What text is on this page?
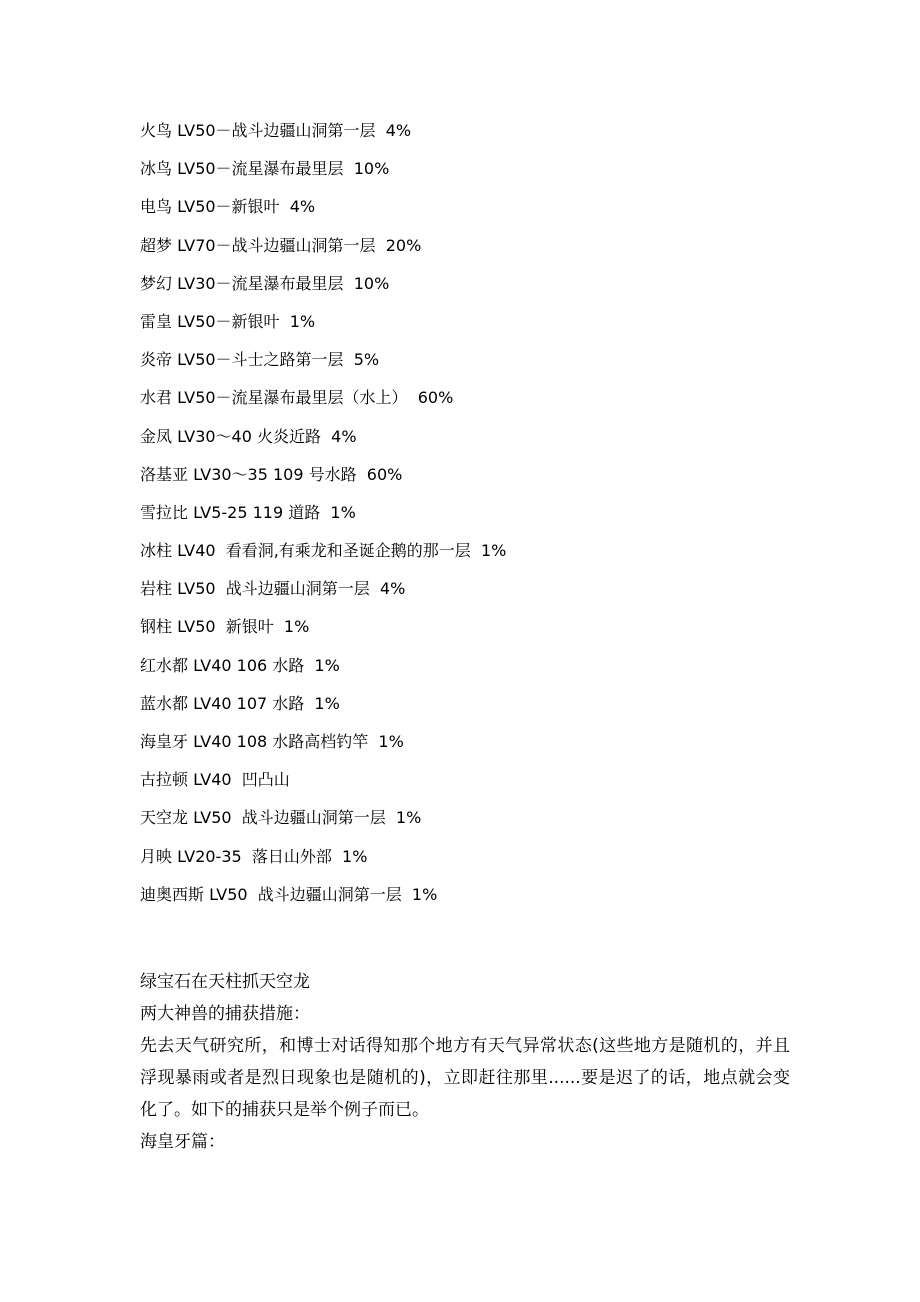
火鸟 LV50－战斗边疆山洞第一层  4%
冰鸟 LV50－流星瀑布最里层  10%
电鸟 LV50－新银叶  4%
超梦 LV70－战斗边疆山洞第一层  20%
梦幻 LV30－流星瀑布最里层  10%
雷皇 LV50－新银叶  1%
炎帝 LV50－斗士之路第一层  5%
水君 LV50－流星瀑布最里层（水上）  60%
金凤 LV30～40 火炎近路  4%
洛基亚 LV30～35 109 号水路  60%
雪拉比 LV5-25 119 道路  1%
冰柱 LV40  看看洞,有乘龙和圣诞企鹅的那一层  1%
岩柱 LV50  战斗边疆山洞第一层  4%
钢柱 LV50  新银叶  1%
红水都 LV40 106 水路  1%
蓝水都 LV40 107 水路  1%
海皇牙 LV40 108 水路高档钓竿  1%
古拉顿 LV40  凹凸山
天空龙 LV50  战斗边疆山洞第一层  1%
月映 LV20-35  落日山外部  1%
迪奥西斯 LV50  战斗边疆山洞第一层  1%
绿宝石在天柱抓天空龙
两大神兽的捕获措施：

先去天气研究所，和博士对话得知那个地方有天气异常状态(这些地方是随机的，并且浮现暴雨或者是烈日现象也是随机的)，立即赶往那里......要是迟了的话，地点就会变化了。如下的捕获只是举个例子而已。

海皇牙篇：
